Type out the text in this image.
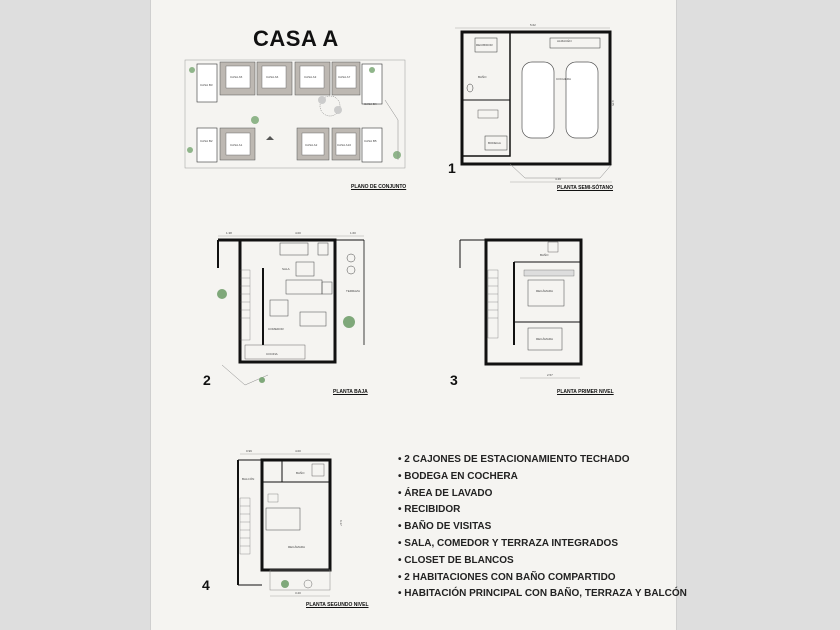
CASA A
CASA B3
CASA B2
CASA B4
CASA B5
CASA A5	CASA A6	CASA A3	CASA A7
CASA A1	CASA A2	CASA A10
PLANO DE CONJUNTO
5.62
RECIBIDOR
BAÑO
BODEGA
COCHERA
ALMACÉN
4.49
4.75
1
PLANTA SEMI-SÓTANO
4.00
1.38	1.60
SALA
COMEDOR
TERRAZA
COCINA
2
PLANTA BAJA
BAÑO
RECÁMARA
RECÁMARA
2.57
3
PLANTA PRIMER NIVEL
4.00
0.99
BAÑO
BALCÓN
RECÁMARA
3.20
6.17
4
PLANTA SEGUNDO NIVEL
• 2 CAJONES DE ESTACIONAMIENTO TECHADO
• BODEGA EN COCHERA
• ÁREA DE LAVADO
• RECIBIDOR
• BAÑO DE VISITAS
• SALA, COMEDOR Y TERRAZA INTEGRADOS
• CLOSET DE BLANCOS
• 2 HABITACIONES CON BAÑO COMPARTIDO
• HABITACIÓN PRINCIPAL CON BAÑO, TERRAZA Y BALCÓN
